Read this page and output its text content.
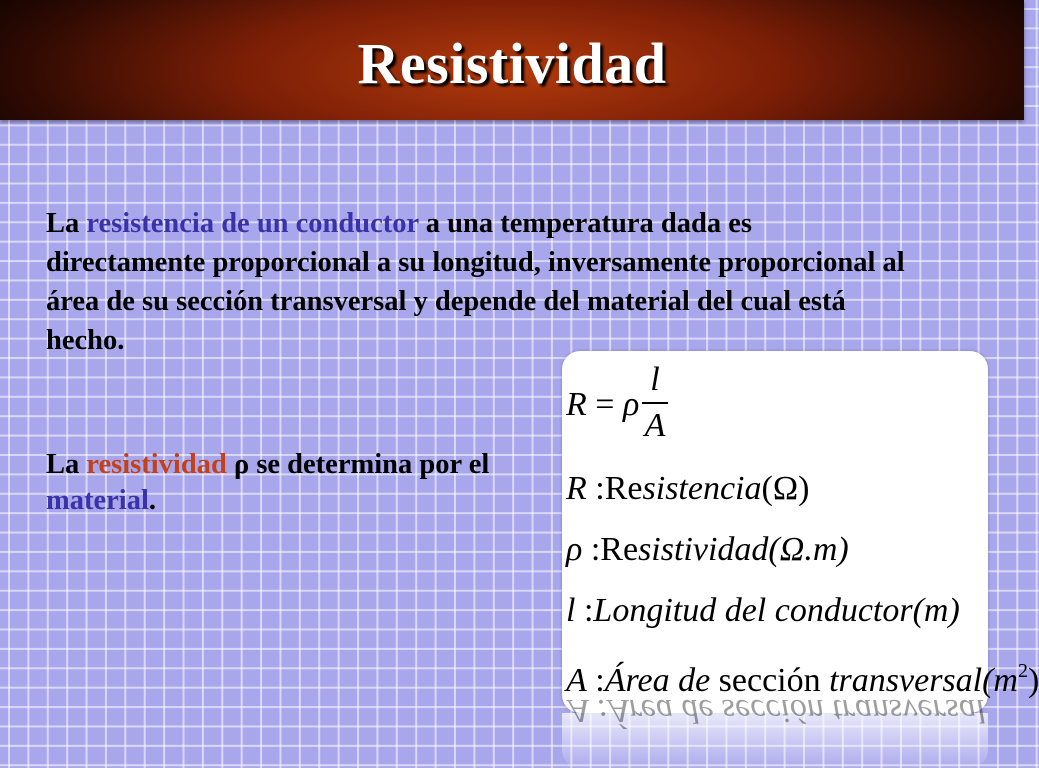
Resistividad
La resistencia de un conductor a una temperatura dada es directamente proporcional a su longitud, inversamente proporcional al área de su sección transversal y depende del material del cual está hecho.
La resistividad ρ se determina por el material.
R = ρ
l
A
R :Resistencia(Ω)
ρ :Resistividad(Ω.m)
l :Longitud del conductor(m)
A :Área de sección $transversal(m^2)$
A :Área de sección transversal
